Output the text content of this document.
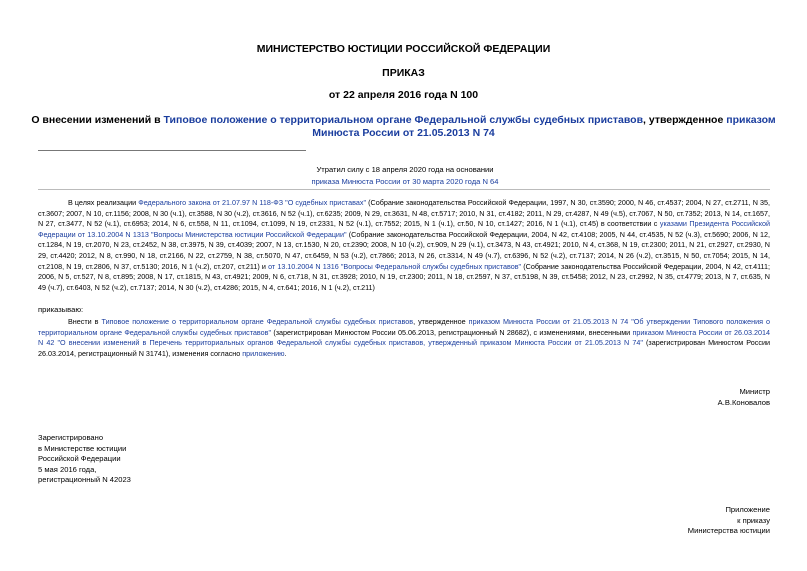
МИНИСТЕРСТВО ЮСТИЦИИ РОССИЙСКОЙ ФЕДЕРАЦИИ
ПРИКАЗ
от 22 апреля 2016 года N 100
О внесении изменений в Типовое положение о территориальном органе Федеральной службы судебных приставов, утвержденное приказом Минюста России от 21.05.2013 N 74
Утратил силу с 18 апреля 2020 года на основании
приказа Минюста России от 30 марта 2020 года N 64

В целях реализации Федерального закона от 21.07.97 N 118-ФЗ "О судебных приставах" (Собрание законодательства Российской Федерации, 1997, N 30, ст.3590; 2000, N 46, ст.4537; 2004, N 27, ст.2711, N 35, ст.3607; 2007, N 10, ст.1156; 2008, N 30 (ч.1), ст.3588, N 30 (ч.2), ст.3616, N 52 (ч.1), ст.6235; 2009, N 29, ст.3631, N 48, ст.5717; 2010, N 31, ст.4182; 2011, N 29, ст.4287, N 49 (ч.5), ст.7067, N 50, ст.7352; 2013, N 14, ст.1657, N 27, ст.3477, N 52 (ч.1), ст.6953; 2014, N 6, ст.558, N 11, ст.1094, ст.1099, N 19, ст.2331, N 52 (ч.1), ст.7552; 2015, N 1 (ч.1), ст.50, N 10, ст.1427; 2016, N 1 (ч.1), ст.45) в соответствии с указами Президента Российской Федерации от 13.10.2004 N 1313 "Вопросы Министерства юстиции Российской Федерации" (Собрание законодательства Российской Федерации, 2004, N 42, ст.4108; 2005, N 44, ст.4535, N 52 (ч.3), ст.5690; 2006, N 12, ст.1284, N 19, ст.2070, N 23, ст.2452, N 38, ст.3975, N 39, ст.4039; 2007, N 13, ст.1530, N 20, ст.2390; 2008, N 10 (ч.2), ст.909, N 29 (ч.1), ст.3473, N 43, ст.4921; 2010, N 4, ст.368, N 19, ст.2300; 2011, N 21, ст.2927, ст.2930, N 29, ст.4420; 2012, N 8, ст.990, N 18, ст.2166, N 22, ст.2759, N 38, ст.5070, N 47, ст.6459, N 53 (ч.2), ст.7866; 2013, N 26, ст.3314, N 49 (ч.7), ст.6396, N 52 (ч.2), ст.7137; 2014, N 26 (ч.2), ст.3515, N 50, ст.7054; 2015, N 14, ст.2108, N 19, ст.2806, N 37, ст.5130; 2016, N 1 (ч.2), ст.207, ст.211) и от 13.10.2004 N 1316 "Вопросы Федеральной службы судебных приставов" (Собрание законодательства Российской Федерации, 2004, N 42, ст.4111; 2006, N 5, ст.527, N 8, ст.895; 2008, N 17, ст.1815, N 43, ст.4921; 2009, N 6, ст.718, N 31, ст.3928; 2010, N 19, ст.2300; 2011, N 18, ст.2597, N 37, ст.5198, N 39, ст.5458; 2012, N 23, ст.2992, N 35, ст.4779; 2013, N 7, ст.635, N 49 (ч.7), ст.6403, N 52 (ч.2), ст.7137; 2014, N 30 (ч.2), ст.4286; 2015, N 4, ст.641; 2016, N 1 (ч.2), ст.211)

приказываю:

Внести в Типовое положение о территориальном органе Федеральной службы судебных приставов, утвержденное приказом Минюста России от 21.05.2013 N 74 "Об утверждении Типового положения о территориальном органе Федеральной службы судебных приставов" (зарегистрирован Минюстом России 05.06.2013, регистрационный N 28682), с изменениями, внесенными приказом Минюста России от 26.03.2014 N 42 "О внесении изменений в Перечень территориальных органов Федеральной службы судебных приставов, утвержденный приказом Минюста России от 21.05.2013 N 74" (зарегистрирован Минюстом России 26.03.2014, регистрационный N 31741), изменения согласно приложению.

Министр
А.В.Коновалов
Зарегистрировано
в Министерстве юстиции
Российской Федерации
5 мая 2016 года,
регистрационный N 42023
Приложение
к приказу
Министерства юстиции
